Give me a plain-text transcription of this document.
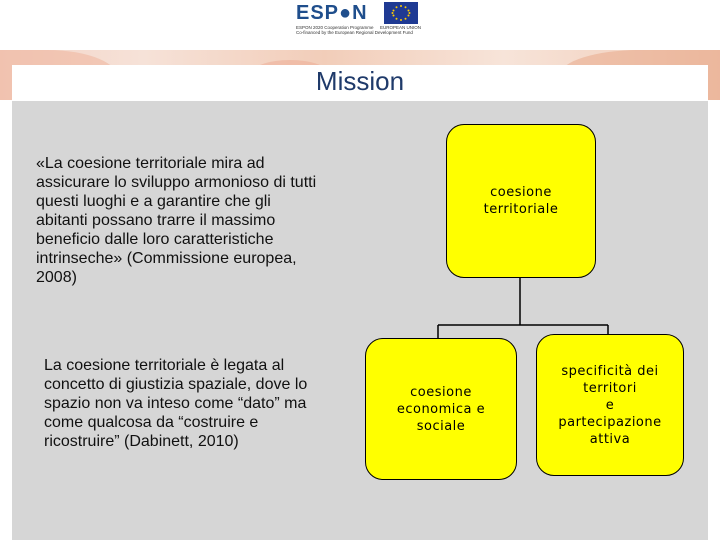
ESP●N
ESPON 2020 Cooperation Programme
Co-financed by the European Regional Development Fund
EUROPEAN UNION
Mission
«La coesione territoriale mira ad assicurare lo sviluppo armonioso di tutti questi luoghi e a garantire che gli abitanti possano trarre il massimo beneficio dalle loro caratteristiche intrinseche» (Commissione europea, 2008)
La coesione territoriale è legata al concetto di giustizia spaziale, dove lo spazio non va inteso come “dato” ma come qualcosa da “costruire e ricostruire” (Dabinett, 2010)
coesione
territoriale
coesione
economica e
sociale
specificità dei
territori
e
partecipazione
attiva
